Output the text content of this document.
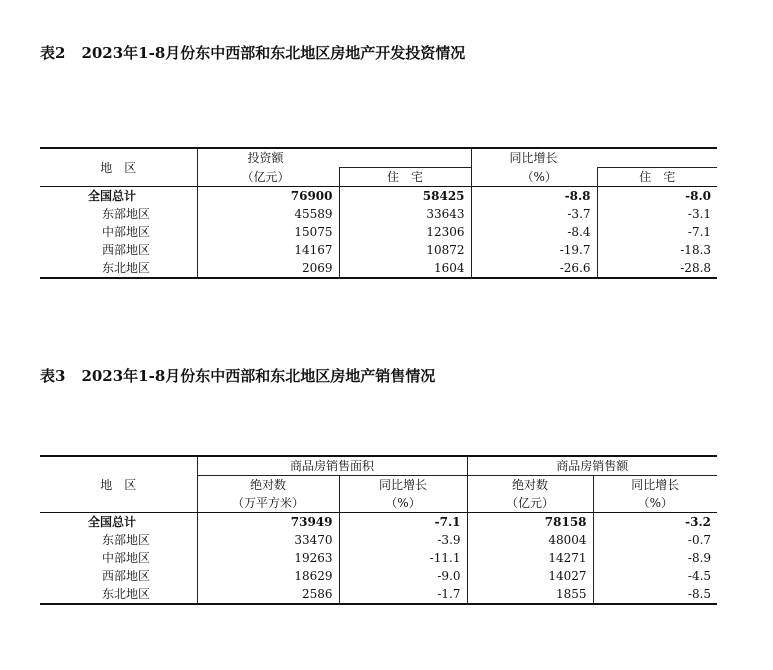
表2 2023年1-8月份东中西部和东北地区房地产开发投资情况
地　区	投资额		同比增长	

	（亿元）	住　宅	（%）	住　宅
全国总计	76900	58425	-8.8	-8.0
东部地区	45589	33643	-3.7	-3.1
中部地区	15075	12306	-8.4	-7.1
西部地区	14167	10872	-19.7	-18.3
东北地区	2069	1604	-26.6	-28.8
表3 2023年1-8月份东中西部和东北地区房地产销售情况
地　区	商品房销售面积		商品房销售额	
	绝对数	同比增长	绝对数	同比增长
	（万平方米）	（%）	（亿元）	（%）
全国总计	73949	-7.1	78158	-3.2
东部地区	33470	-3.9	48004	-0.7
中部地区	19263	-11.1	14271	-8.9
西部地区	18629	-9.0	14027	-4.5
东北地区	2586	-1.7	1855	-8.5
